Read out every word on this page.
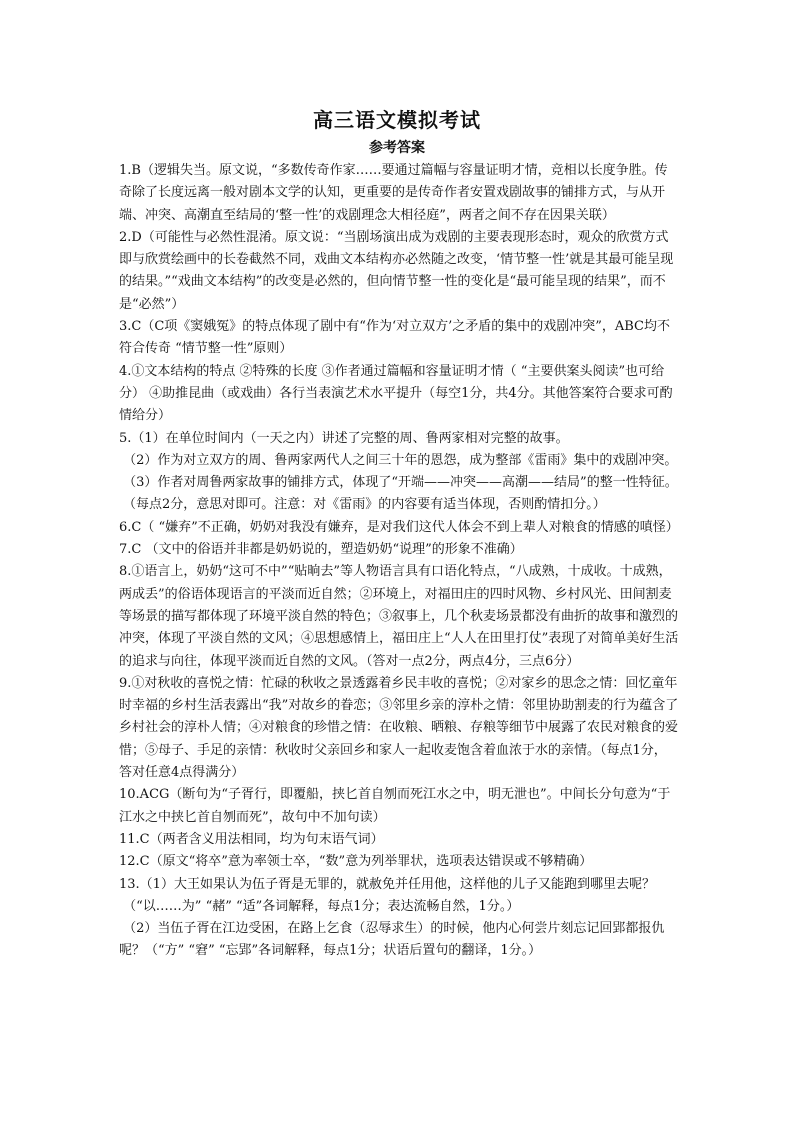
高三语文模拟考试
参考答案

1.B（逻辑失当。原文说，“多数传奇作家……要通过篇幅与容量证明才情，竞相以长度争胜。传奇除了长度远离一般对剧本文学的认知，更重要的是传奇作者安置戏剧故事的铺排方式，与从开端、冲突、高潮直至结局的‘整一性’的戏剧理念大相径庭”，两者之间不存在因果关联）

2.D（可能性与必然性混淆。原文说：“当剧场演出成为戏剧的主要表现形态时，观众的欣赏方式即与欣赏绘画中的长卷截然不同，戏曲文本结构亦必然随之改变，‘情节整一性’就是其最可能呈现的结果。”“戏曲文本结构”的改变是必然的，但向情节整一性的变化是“最可能呈现的结果”，而不是“必然”）

3.C（C项《窦娥冤》的特点体现了剧中有“作为‘对立双方’之矛盾的集中的戏剧冲突”，ABC均不符合传奇 “情节整一性”原则）

4.①文本结构的特点 ②特殊的长度 ③作者通过篇幅和容量证明才情（ “主要供案头阅读”也可给分） ④助推昆曲（或戏曲）各行当表演艺术水平提升（每空1分，共4分。其他答案符合要求可酌情给分）

5.（1）在单位时间内（一天之内）讲述了完整的周、鲁两家相对完整的故事。

（2）作为对立双方的周、鲁两家两代人之间三十年的恩怨，成为整部《雷雨》集中的戏剧冲突。

（3）作者对周鲁两家故事的铺排方式，体现了“开端——冲突——高潮——结局”的整一性特征。

（每点2分，意思对即可。注意：对《雷雨》的内容要有适当体现，否则酌情扣分。）

6.C（ “嫌弃”不正确，奶奶对我没有嫌弃，是对我们这代人体会不到上辈人对粮食的情感的嗔怪）

7.C （文中的俗语并非都是奶奶说的，塑造奶奶“说理”的形象不准确）

8.①语言上，奶奶“这可不中”“贴晌去”等人物语言具有口语化特点，“八成熟，十成收。十成熟，两成丢”的俗语体现语言的平淡而近自然；②环境上，对福田庄的四时风物、乡村风光、田间割麦等场景的描写都体现了环境平淡自然的特色；③叙事上，几个秋麦场景都没有曲折的故事和激烈的冲突，体现了平淡自然的文风；④思想感情上，福田庄上“人人在田里打仗”表现了对简单美好生活的追求与向往，体现平淡而近自然的文风。（答对一点2分，两点4分，三点6分）

9.①对秋收的喜悦之情：忙碌的秋收之景透露着乡民丰收的喜悦；②对家乡的思念之情：回忆童年时幸福的乡村生活表露出“我”对故乡的眷恋；③邻里乡亲的淳朴之情：邻里协助割麦的行为蕴含了乡村社会的淳朴人情；④对粮食的珍惜之情：在收粮、晒粮、存粮等细节中展露了农民对粮食的爱惜；⑤母子、手足的亲情：秋收时父亲回乡和家人一起收麦饱含着血浓于水的亲情。（每点1分，答对任意4点得满分）

10.ACG（断句为“子胥行，即覆船，挟匕首自刎而死江水之中，明无泄也”。中间长分句意为“于江水之中挟匕首自刎而死”，故句中不加句读）

11.C（两者含义用法相同，均为句末语气词）

12.C（原文“将卒”意为率领士卒，“数”意为列举罪状，选项表达错误或不够精确）

13.（1）大王如果认为伍子胥是无罪的，就赦免并任用他，这样他的儿子又能跑到哪里去呢？

（“以……为” “赭” “适”各词解释，每点1分；表达流畅自然，1分。）

（2）当伍子胥在江边受困，在路上乞食（忍辱求生）的时候，他内心何尝片刻忘记回郢都报仇呢？（“方” “窘” “忘郢”各词解释，每点1分；状语后置句的翻译，1分。）
